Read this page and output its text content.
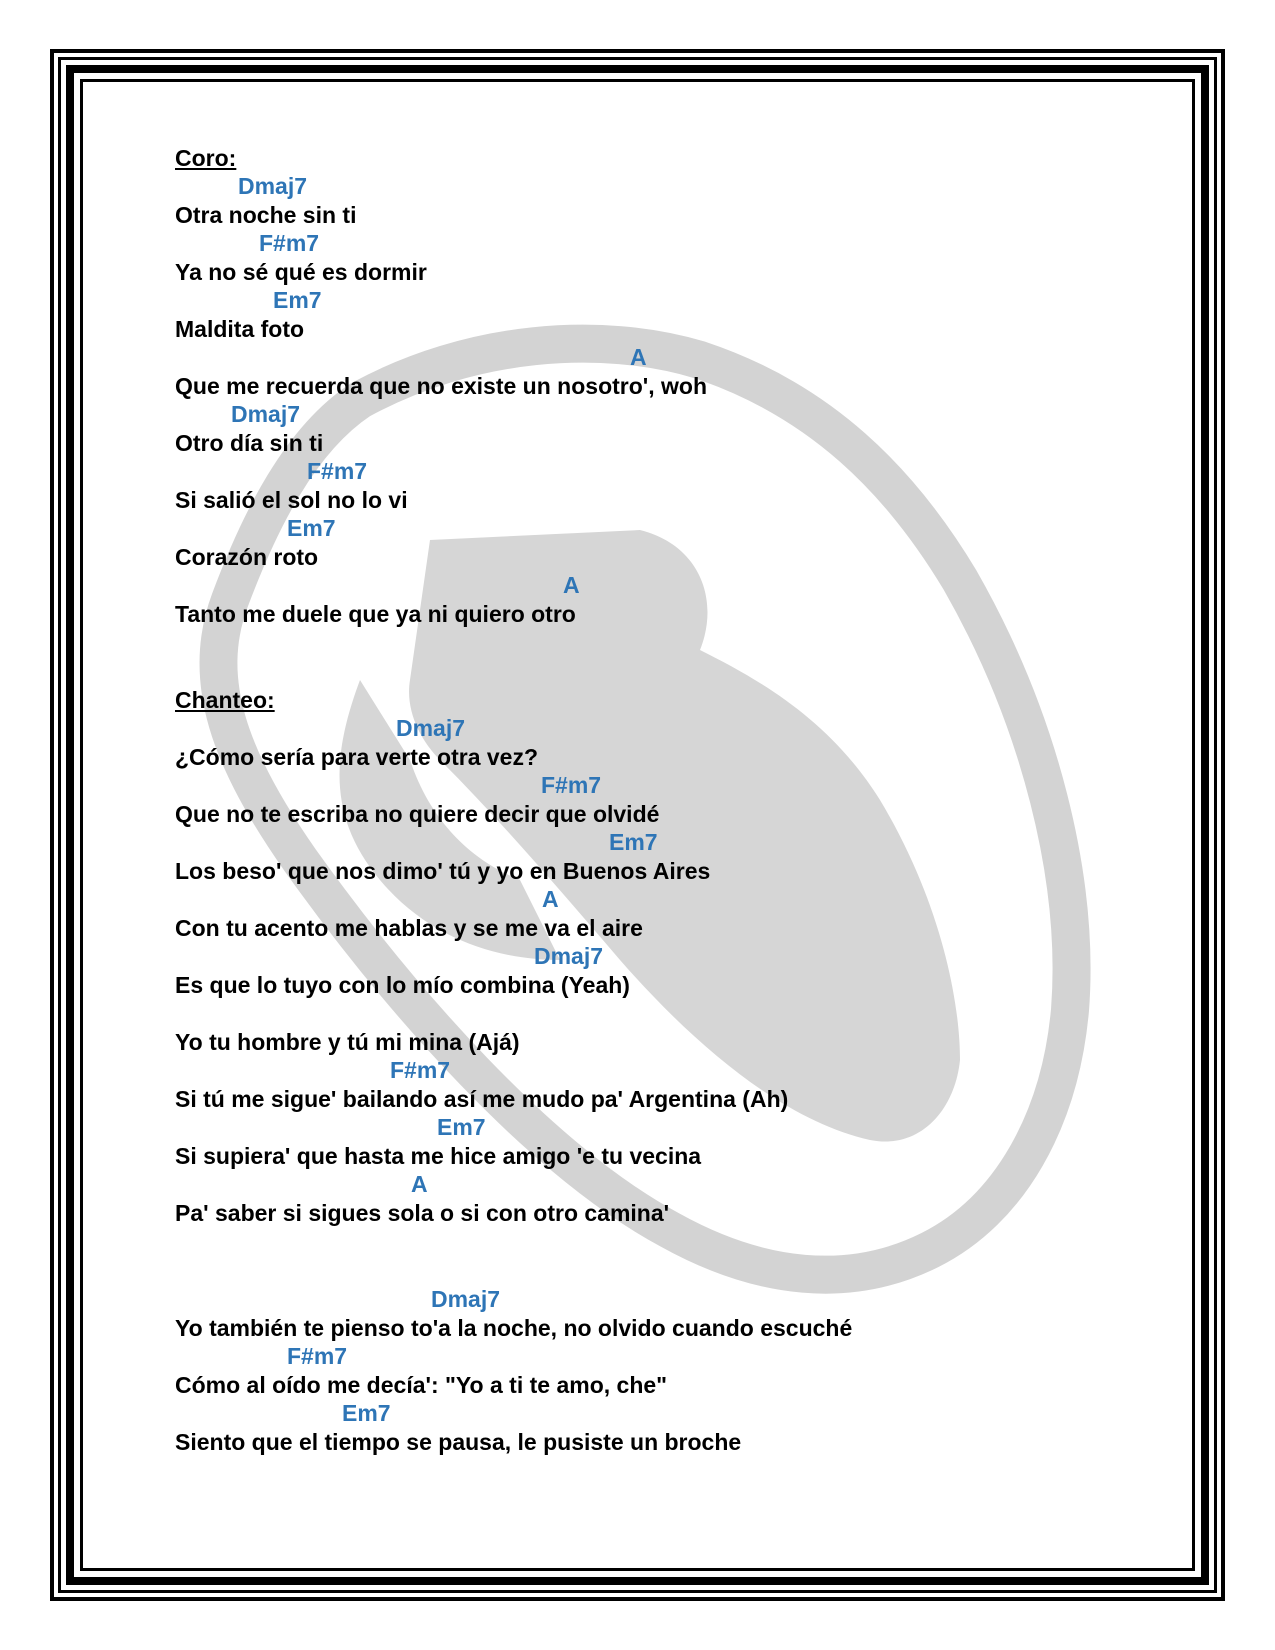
Coro:
Dmaj7
Otra noche sin ti
F#m7
Ya no sé qué es dormir
Em7
Maldita foto
A
Que me recuerda que no existe un nosotro', woh
Dmaj7
Otro día sin ti
F#m7
Si salió el sol no lo vi
Em7
Corazón roto
A
Tanto me duele que ya ni quiero otro
Chanteo:
Dmaj7
¿Cómo sería para verte otra vez?
F#m7
Que no te escriba no quiere decir que olvidé
Em7
Los beso' que nos dimo' tú y yo en Buenos Aires
A
Con tu acento me hablas y se me va el aire
Dmaj7
Es que lo tuyo con lo mío combina (Yeah)
Yo tu hombre y tú mi mina (Ajá)
F#m7
Si tú me sigue' bailando así me mudo pa' Argentina (Ah)
Em7
Si supiera' que hasta me hice amigo 'e tu vecina
A
Pa' saber si sigues sola o si con otro camina'
Dmaj7
Yo también te pienso to'a la noche, no olvido cuando escuché
F#m7
Cómo al oído me decía': "Yo a ti te amo, che"
Em7
Siento que el tiempo se pausa, le pusiste un broche
